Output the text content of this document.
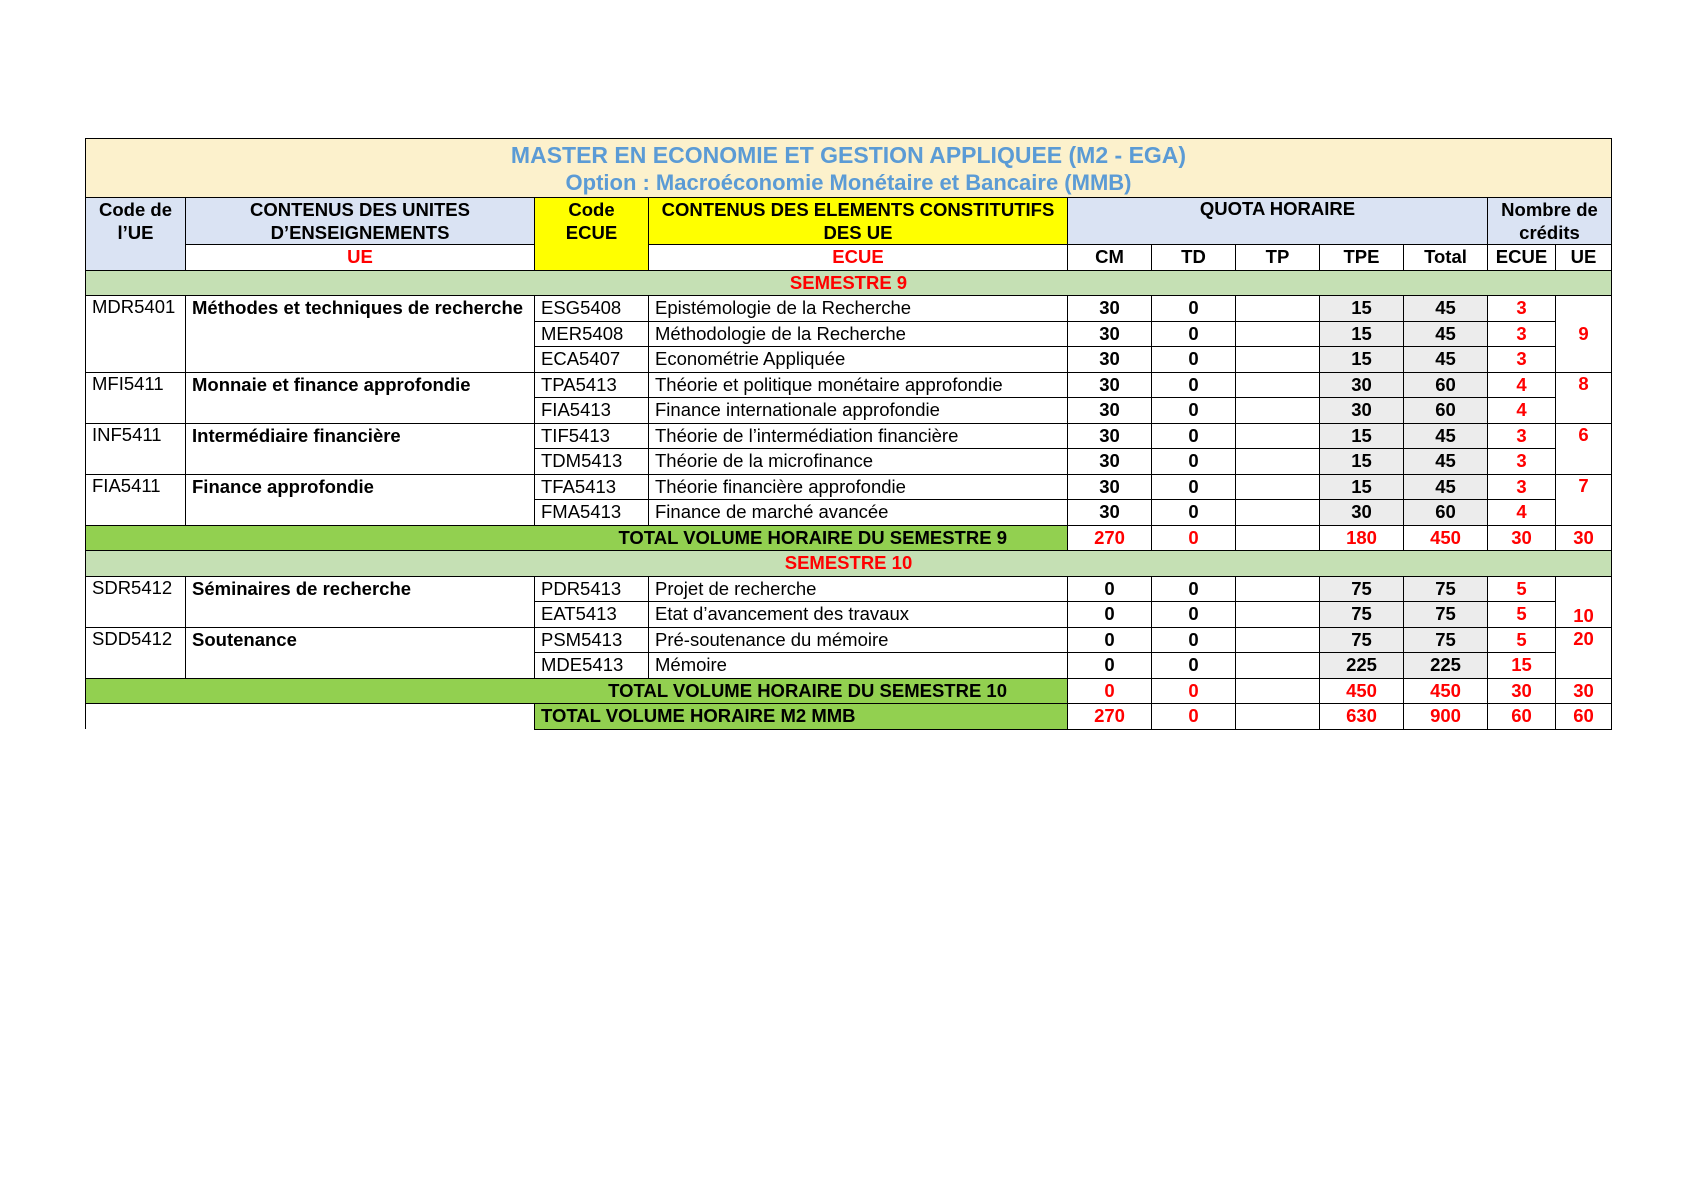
MASTER EN ECONOMIE ET GESTION APPLIQUEE (M2 - EGA)
Option : Macroéconomie Monétaire et Bancaire (MMB)										

Code de l’UE	CONTENUS DES UNITES D’ENSEIGNEMENTS	Code ECUE	CONTENUS DES ELEMENTS CONSTITUTIFS DES UE	QUOTA HORAIRE					Nombre de crédits	
	UE		ECUE	CM	TD	TP	TPE	Total	ECUE	UE
SEMESTRE 9										
MDR5401	Méthodes et techniques de recherche	ESG5408	Epistémologie de la Recherche	30	0		15	45	3	9
		MER5408	Méthodologie de la Recherche	30	0		15	45	3	
		ECA5407	Econométrie Appliquée	30	0		15	45	3	
MFI5411	Monnaie et finance approfondie	TPA5413	Théorie et politique monétaire approfondie	30	0		30	60	4	8
		FIA5413	Finance internationale approfondie	30	0		30	60	4	
INF5411	Intermédiaire financière	TIF5413	Théorie de l’intermédiation financière	30	0		15	45	3	6
		TDM5413	Théorie de la microfinance	30	0		15	45	3	
FIA5411	Finance approfondie	TFA5413	Théorie financière approfondie	30	0		15	45	3	7
		FMA5413	Finance de marché avancée	30	0		30	60	4	
TOTAL VOLUME HORAIRE DU SEMESTRE 9				270	0		180	450	30	30
SEMESTRE 10										
SDR5412	Séminaires de recherche	PDR5413	Projet de recherche	0	0		75	75	5	10
		EAT5413	Etat d’avancement des travaux	0	0		75	75	5	
SDD5412	Soutenance	PSM5413	Pré-soutenance du mémoire	0	0		75	75	5	20
		MDE5413	Mémoire	0	0		225	225	15	
TOTAL VOLUME HORAIRE DU SEMESTRE 10				0	0		450	450	30	30
		TOTAL VOLUME HORAIRE M2 MMB		270	0		630	900	60	60
